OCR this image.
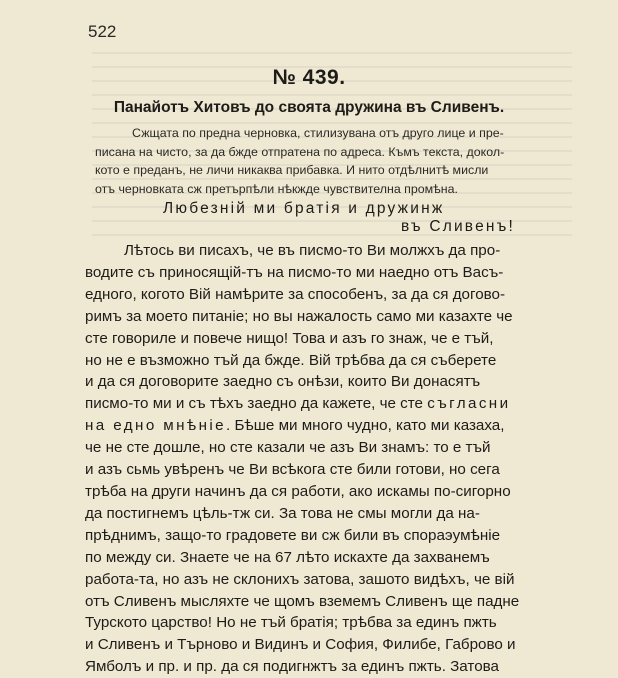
522
№ 439.
Панайотъ Хитовъ до своята дружина въ Сливенъ.
Сжщата по предна черновка, стилизувана отъ друго лице и пре-
писана на чисто, за да бжде отпратена по адреса. Къмъ текста, докол-
кото е преданъ, не личи никаква прибавка. И нито отдѣлнитѣ мисли
отъ черновката сж претърпѣли нѣкжде чувствителна промѣна.
Любезній ми братія и дружинж
въ Сливенъ!
Лѣтось ви писахъ, че въ писмо-то Ви молжхъ да про-
водите съ приносящій-тъ на писмо-то ми наедно отъ Васъ-
едного, когото Вій намѣрите за способенъ, за да ся догово-
римъ за моето питаніе; но вы нажалость само ми казахте че
сте говориле и повече нищо! Това и азъ го знаж, че е тъй,
но не е възможно тъй да бжде. Вій трѣбва да ся съберете
и да ся договорите заедно съ онѣзи, които Ви донасятъ
писмо-то ми и съ тѣхъ заедно да кажете, че сте съгласни
на едно мнѣніе. Бѣше ми много чудно, като ми казаха,
че не сте дошле, но сте казали че азъ Ви знамъ: то е тъй
и азъ сьмь увѣренъ че Ви всѣкога сте били готови, но сега
трѣба на други начинъ да ся работи, ако искамы по-сигорно
да постигнемъ цѣль-тж си. За това не смы могли да на-
прѣднимъ, защо-то градовете ви сж били въ спораэумѣніе
по между си. Знаете че на 67 лѣто искахте да захванемъ
работа-та, но азъ не склонихъ затова, зашото видѣхъ, че вій
отъ Сливенъ мысляхте че щомъ вземемъ Сливенъ ще падне
Турското царство! Но не тъй братія; трѣбва за единъ пжть
и Сливенъ и Търново и Видинъ и София, Филибе, Габрово и
Ямболъ и пр. и пр. да ся подигнжтъ за единъ пжть. Затова
